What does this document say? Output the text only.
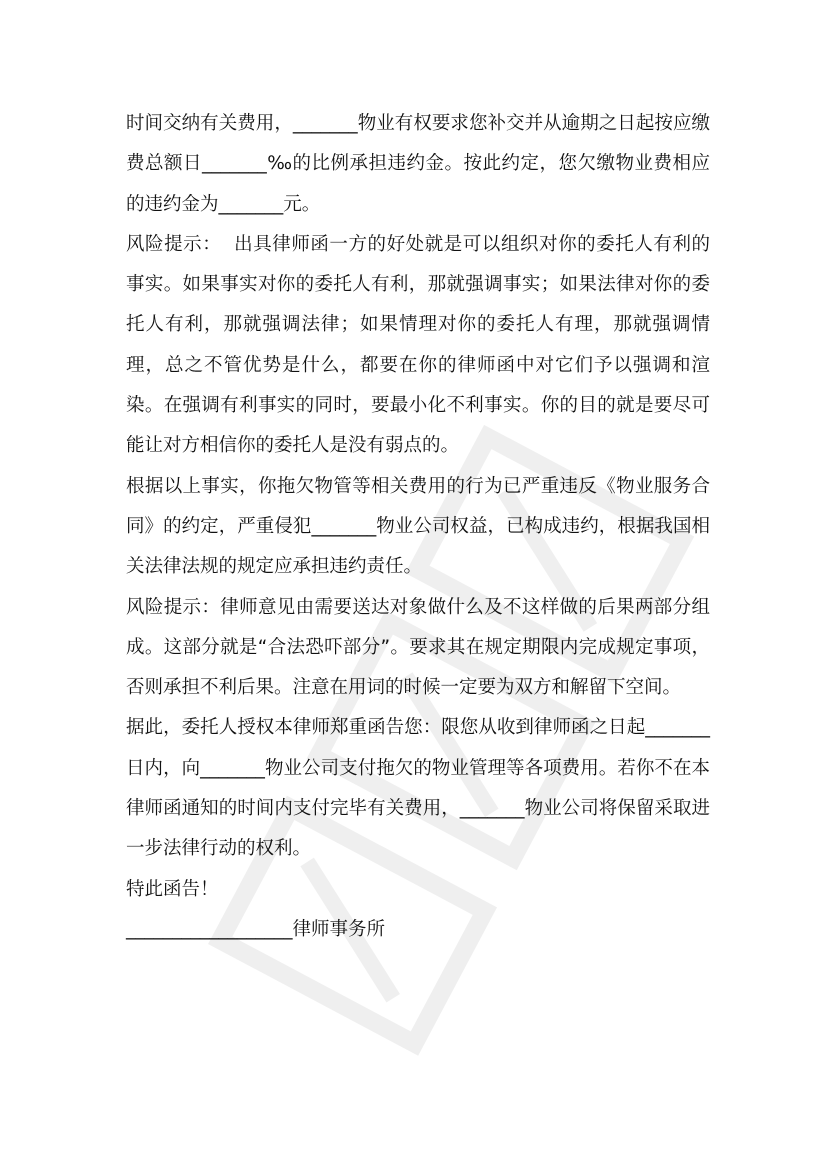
时间交纳有关费用，_______物业有权要求您补交并从逾期之日起按应缴费总额日_______‰的比例承担违约金。按此约定，您欠缴物业费相应的违约金为_______元。

风险提示：  出具律师函一方的好处就是可以组织对你的委托人有利的事实。如果事实对你的委托人有利，那就强调事实；如果法律对你的委托人有利，那就强调法律；如果情理对你的委托人有理，那就强调情理，总之不管优势是什么，都要在你的律师函中对它们予以强调和渲染。在强调有利事实的同时，要最小化不利事实。你的目的就是要尽可能让对方相信你的委托人是没有弱点的。

根据以上事实，你拖欠物管等相关费用的行为已严重违反《物业服务合同》的约定，严重侵犯_______物业公司权益，已构成违约，根据我国相关法律法规的规定应承担违约责任。

风险提示：律师意见由需要送达对象做什么及不这样做的后果两部分组成。这部分就是“合法恐吓部分”。要求其在规定期限内完成规定事项，否则承担不利后果。注意在用词的时候一定要为双方和解留下空间。

据此，委托人授权本律师郑重函告您：限您从收到律师函之日起_______日内，向_______物业公司支付拖欠的物业管理等各项费用。若你不在本律师函通知的时间内支付完毕有关费用，_______物业公司将保留采取进一步法律行动的权利。

特此函告！

__________________律师事务所
